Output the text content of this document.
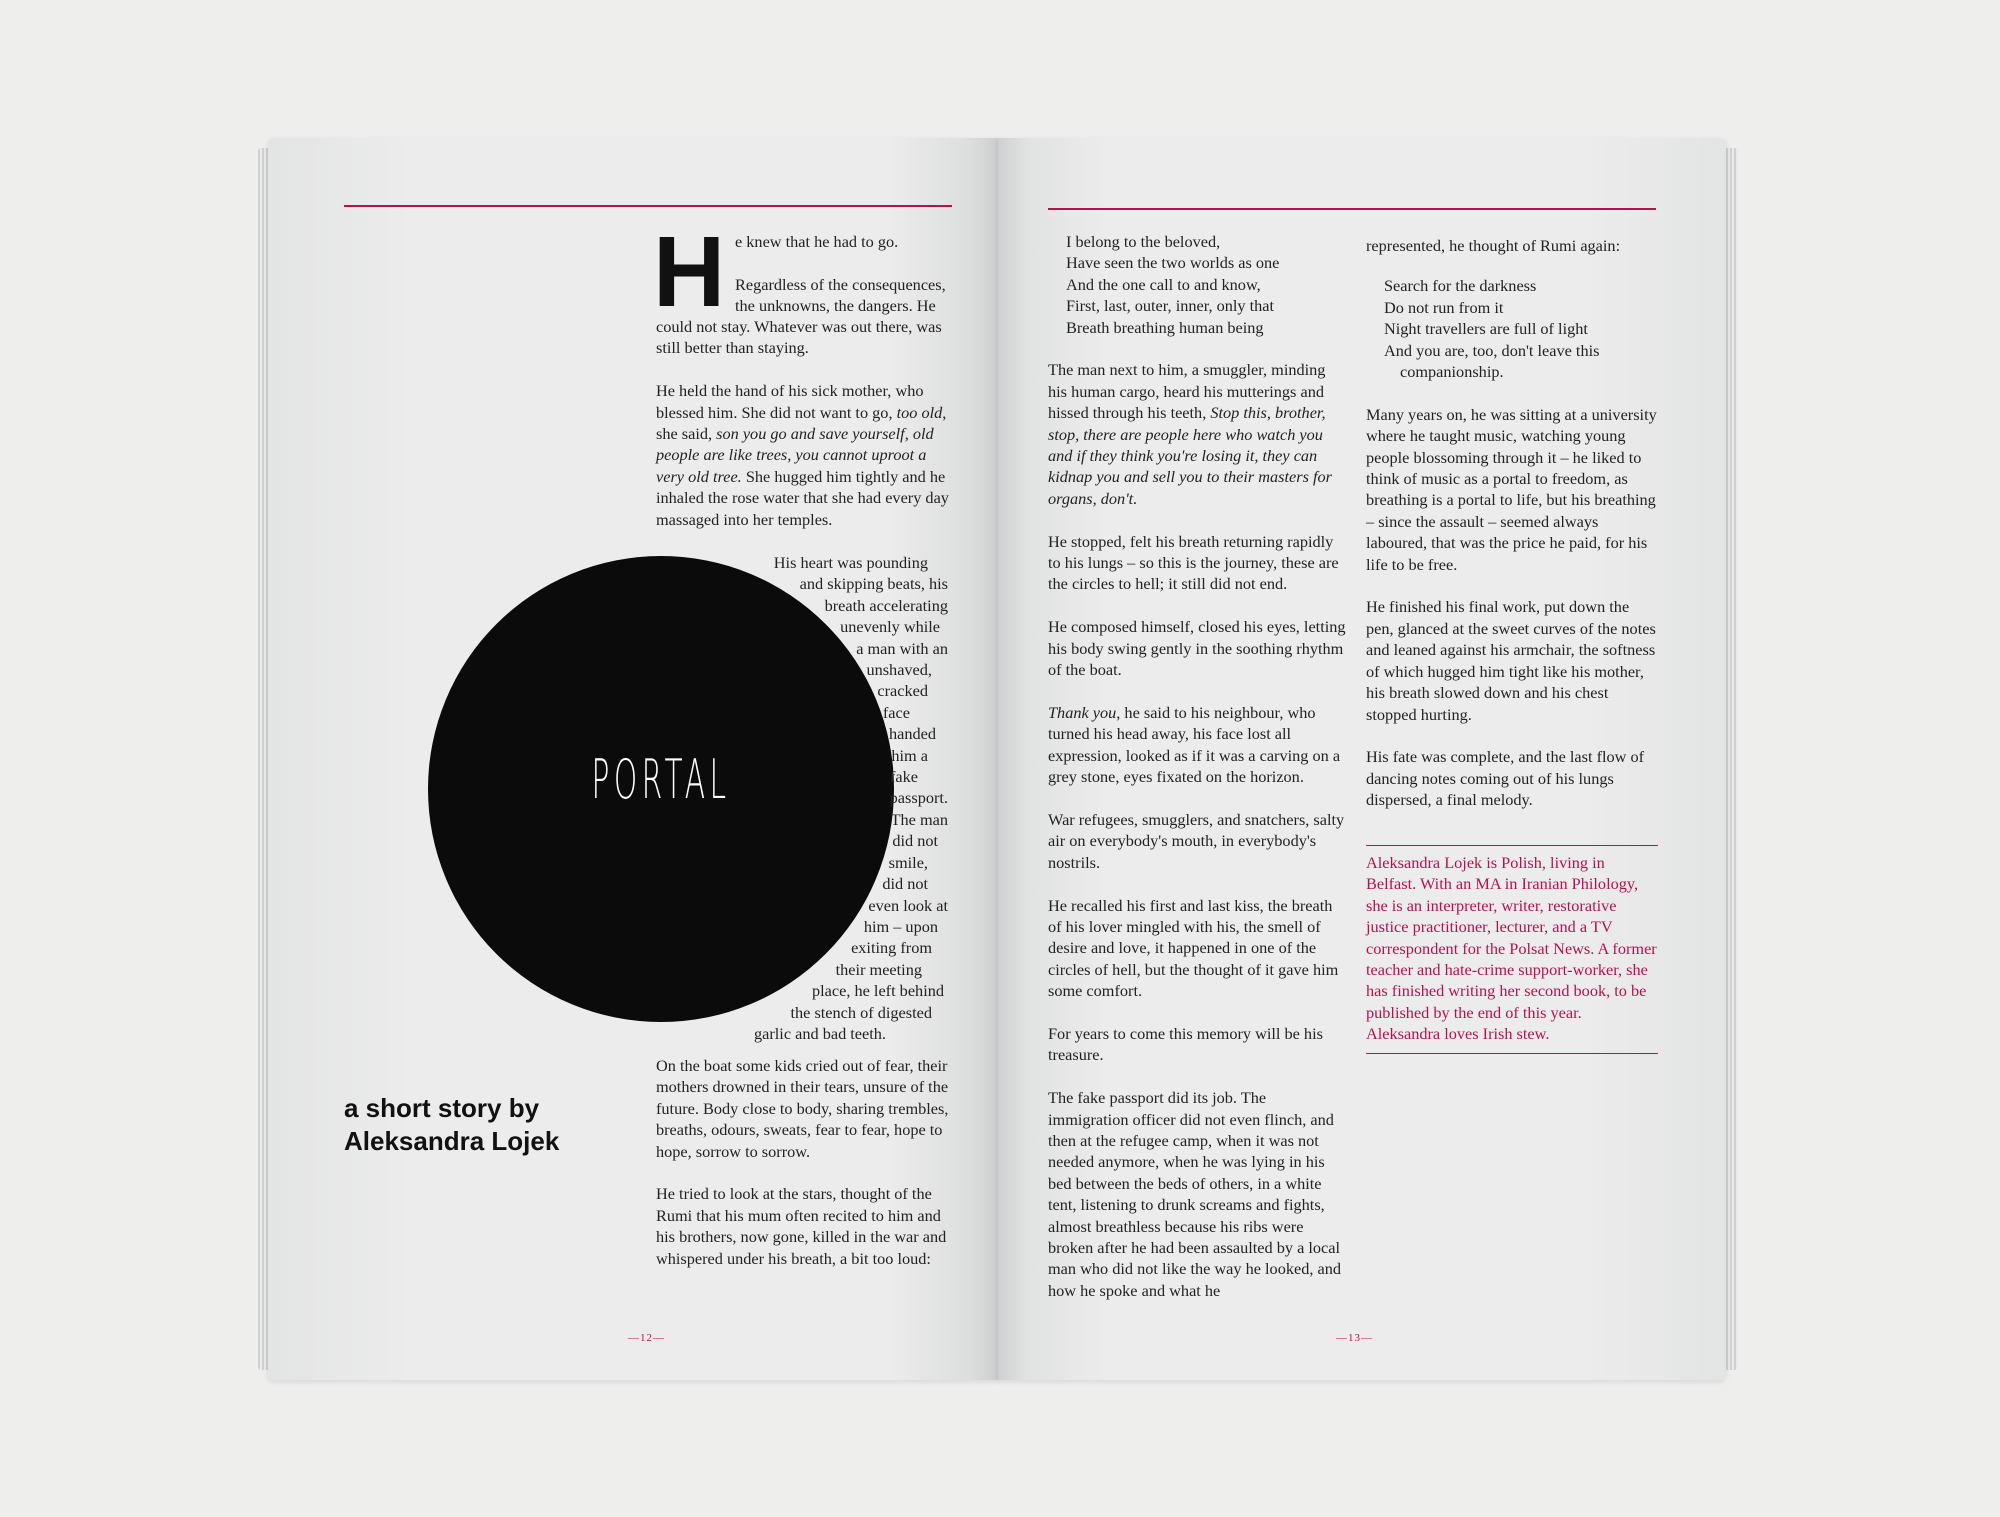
H e knew that he had to go.
Regardless of the consequences,
the unknowns, the dangers. He

could not stay. Whatever was out there, was still better than staying.

He held the hand of his sick mother, who blessed him. She did not want to go, too old, she said, son you go and save yourself, old people are like trees, you cannot uproot a very old tree. She hugged him tightly and he inhaled the rose water that she had every day massaged into her temples.

PORTAL
His heart was pounding
and skipping beats, his
breath accelerating
unevenly while
a man with an
unshaved,
cracked
face
handed
him a
fake
passport.
The man
did not
smile,
did not
even look at
him – upon
exiting from
their meeting
place, he left behind
the stench of digested
garlic and bad teeth.
a short story by
Aleksandra Lojek

On the boat some kids cried out of fear, their mothers drowned in their tears, unsure of the future. Body close to body, sharing trembles, breaths, odours, sweats, fear to fear, hope to hope, sorrow to sorrow.

He tried to look at the stars, thought of the Rumi that his mum often recited to him and his brothers, now gone, killed in the war and whispered under his breath, a bit too loud:

—12—

I belong to the beloved,

Have seen the two worlds as one

And the one call to and know,

First, last, outer, inner, only that

Breath breathing human being

The man next to him, a smuggler, minding his human cargo, heard his mutterings and hissed through his teeth, Stop this, brother, stop, there are people here who watch you and if they think you're losing it, they can kidnap you and sell you to their masters for organs, don't.

He stopped, felt his breath returning rapidly to his lungs – so this is the journey, these are the circles to hell; it still did not end.

He composed himself, closed his eyes, letting his body swing gently in the soothing rhythm of the boat.

Thank you, he said to his neighbour, who turned his head away, his face lost all expression, looked as if it was a carving on a grey stone, eyes fixated on the horizon.

War refugees, smugglers, and snatchers, salty air on everybody's mouth, in everybody's nostrils.

He recalled his first and last kiss, the breath of his lover mingled with his, the smell of desire and love, it happened in one of the circles of hell, but the thought of it gave him some comfort.

For years to come this memory will be his treasure.

The fake passport did its job. The immigration officer did not even flinch, and then at the refugee camp, when it was not needed anymore, when he was lying in his bed between the beds of others, in a white tent, listening to drunk screams and fights, almost breathless because his ribs were broken after he had been assaulted by a local man who did not like the way he looked, and how he spoke and what he

represented, he thought of Rumi again:

Search for the darkness

Do not run from it

Night travellers are full of light

And you are, too, don't leave this

companionship.

Many years on, he was sitting at a university where he taught music, watching young people blossoming through it – he liked to think of music as a portal to freedom, as breathing is a portal to life, but his breathing – since the assault – seemed always laboured, that was the price he paid, for his life to be free.

He finished his final work, put down the pen, glanced at the sweet curves of the notes and leaned against his armchair, the softness of which hugged him tight like his mother, his breath slowed down and his chest stopped hurting.

His fate was complete, and the last flow of dancing notes coming out of his lungs dispersed, a final melody.

Aleksandra Lojek is Polish, living in Belfast. With an MA in Iranian Philology, she is an interpreter, writer, restorative justice practitioner, lecturer, and a TV correspondent for the Polsat News. A former teacher and hate-crime support-worker, she has finished writing her second book, to be published by the end of this year. Aleksandra loves Irish stew.
—13—
